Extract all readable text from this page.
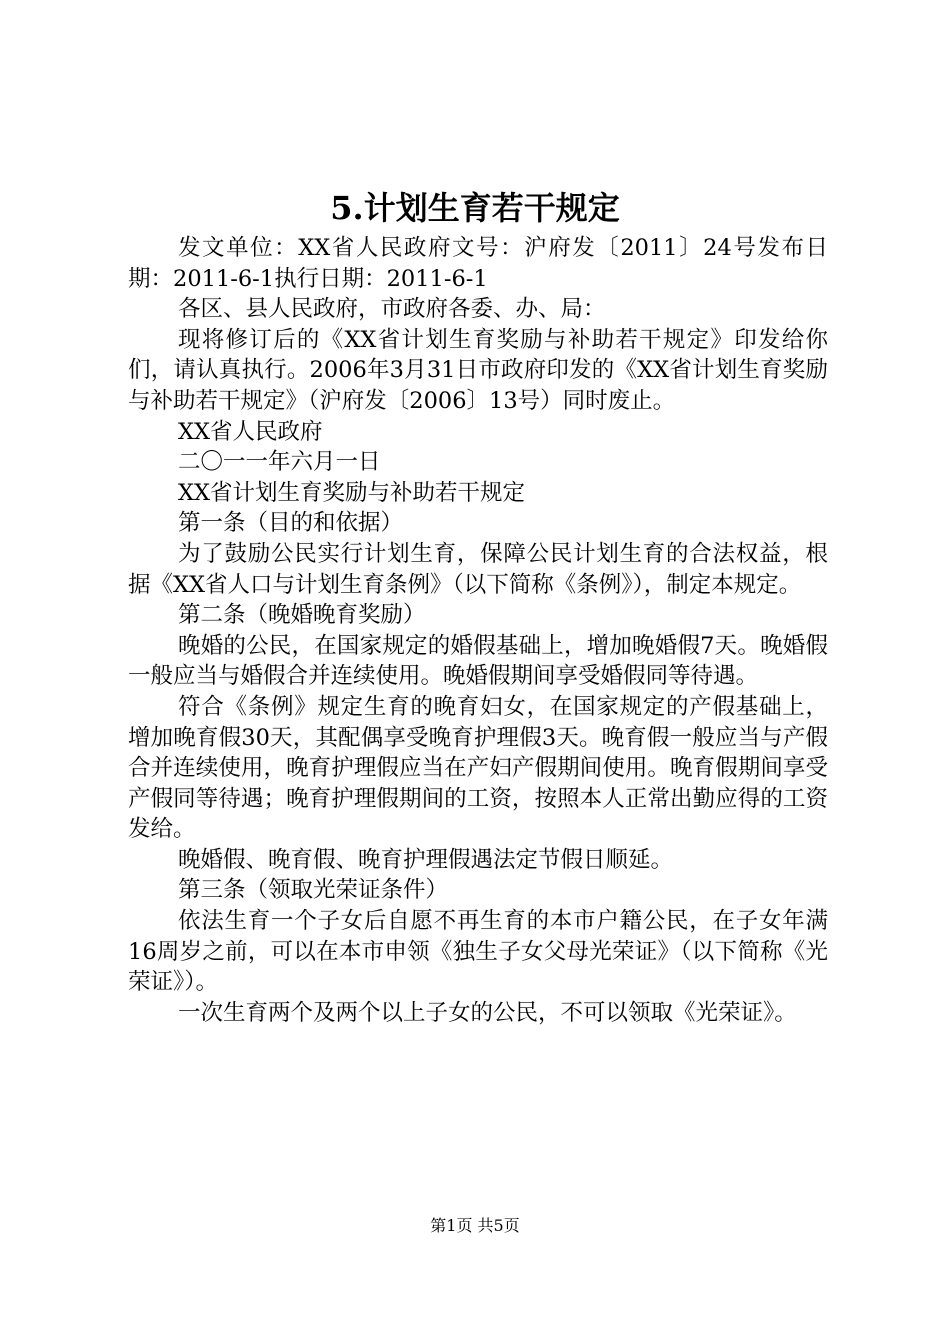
5.计划生育若干规定

发文单位：XX省人民政府文号：沪府发〔2011〕24号发布日期：2011-6-1执行日期：2011-6-1

各区、县人民政府，市政府各委、办、局：

现将修订后的《XX省计划生育奖励与补助若干规定》印发给你们，请认真执行。2006年3月31日市政府印发的《XX省计划生育奖励与补助若干规定》（沪府发〔2006〕13号）同时废止。

XX省人民政府

二〇一一年六月一日

XX省计划生育奖励与补助若干规定

第一条（目的和依据）

为了鼓励公民实行计划生育，保障公民计划生育的合法权益，根据《XX省人口与计划生育条例》（以下简称《条例》），制定本规定。

第二条（晚婚晚育奖励）

晚婚的公民，在国家规定的婚假基础上，增加晚婚假7天。晚婚假一般应当与婚假合并连续使用。晚婚假期间享受婚假同等待遇。

符合《条例》规定生育的晚育妇女，在国家规定的产假基础上，增加晚育假30天，其配偶享受晚育护理假3天。晚育假一般应当与产假合并连续使用，晚育护理假应当在产妇产假期间使用。晚育假期间享受产假同等待遇；晚育护理假期间的工资，按照本人正常出勤应得的工资发给。

晚婚假、晚育假、晚育护理假遇法定节假日顺延。

第三条（领取光荣证条件）

依法生育一个子女后自愿不再生育的本市户籍公民，在子女年满16周岁之前，可以在本市申领《独生子女父母光荣证》（以下简称《光荣证》）。

一次生育两个及两个以上子女的公民，不可以领取《光荣证》。

第1页 共5页
